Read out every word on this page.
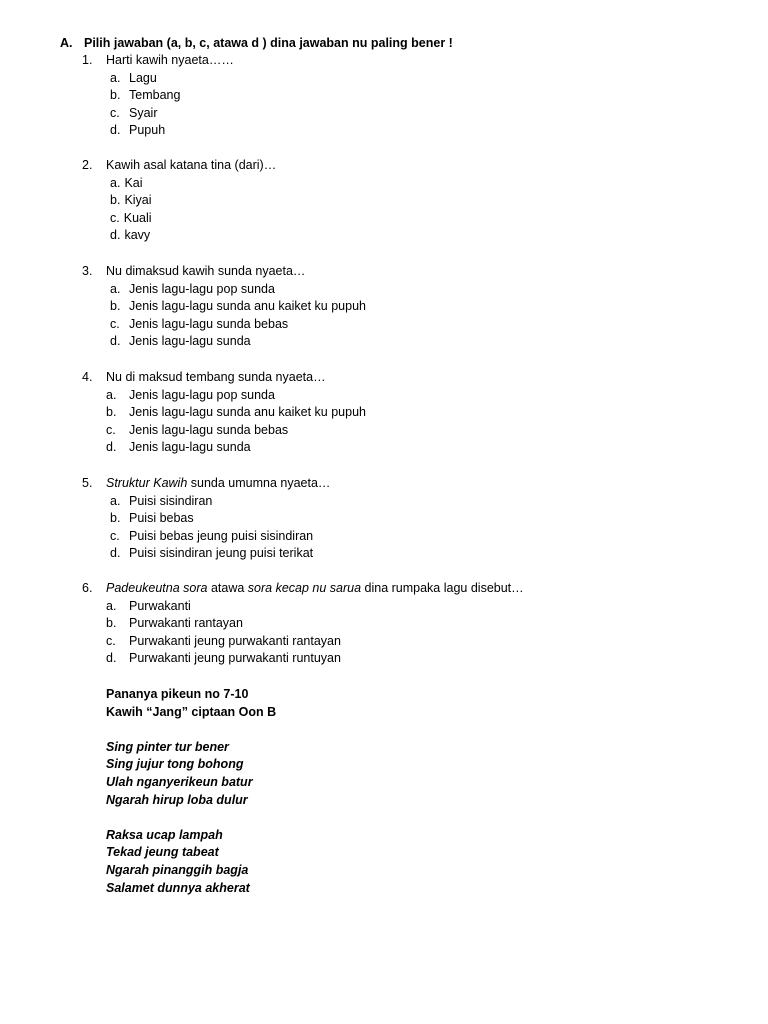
A. Pilih jawaban (a, b, c, atawa d ) dina jawaban nu paling bener !
1. Harti kawih nyaeta……
a. Lagu
b. Tembang
c. Syair
d. Pupuh
2. Kawih asal katana tina (dari)…
a. Kai
b. Kiyai
c. Kuali
d. kavy
3. Nu dimaksud kawih sunda nyaeta…
a. Jenis lagu-lagu pop sunda
b. Jenis lagu-lagu sunda anu kaiket ku pupuh
c. Jenis lagu-lagu sunda bebas
d. Jenis lagu-lagu sunda
4. Nu di maksud tembang sunda nyaeta…
a. Jenis lagu-lagu pop sunda
b. Jenis lagu-lagu sunda anu kaiket ku pupuh
c. Jenis lagu-lagu sunda bebas
d. Jenis lagu-lagu sunda
5. Struktur Kawih sunda umumna nyaeta…
a. Puisi sisindiran
b. Puisi bebas
c. Puisi bebas jeung puisi sisindiran
d. Puisi sisindiran jeung puisi terikat
6. Padeukeutna sora atawa sora kecap nu sarua dina rumpaka lagu disebut…
a. Purwakanti
b. Purwakanti rantayan
c. Purwakanti jeung purwakanti rantayan
d. Purwakanti jeung purwakanti runtuyan
Pananya pikeun no 7-10
Kawih “Jang” ciptaan Oon B
Sing pinter tur bener
Sing jujur tong bohong
Ulah nganyerikeun batur
Ngarah hirup loba dulur
Raksa ucap lampah
Tekad jeung tabeat
Ngarah pinanggih bagja
Salamet dunnya akherat
